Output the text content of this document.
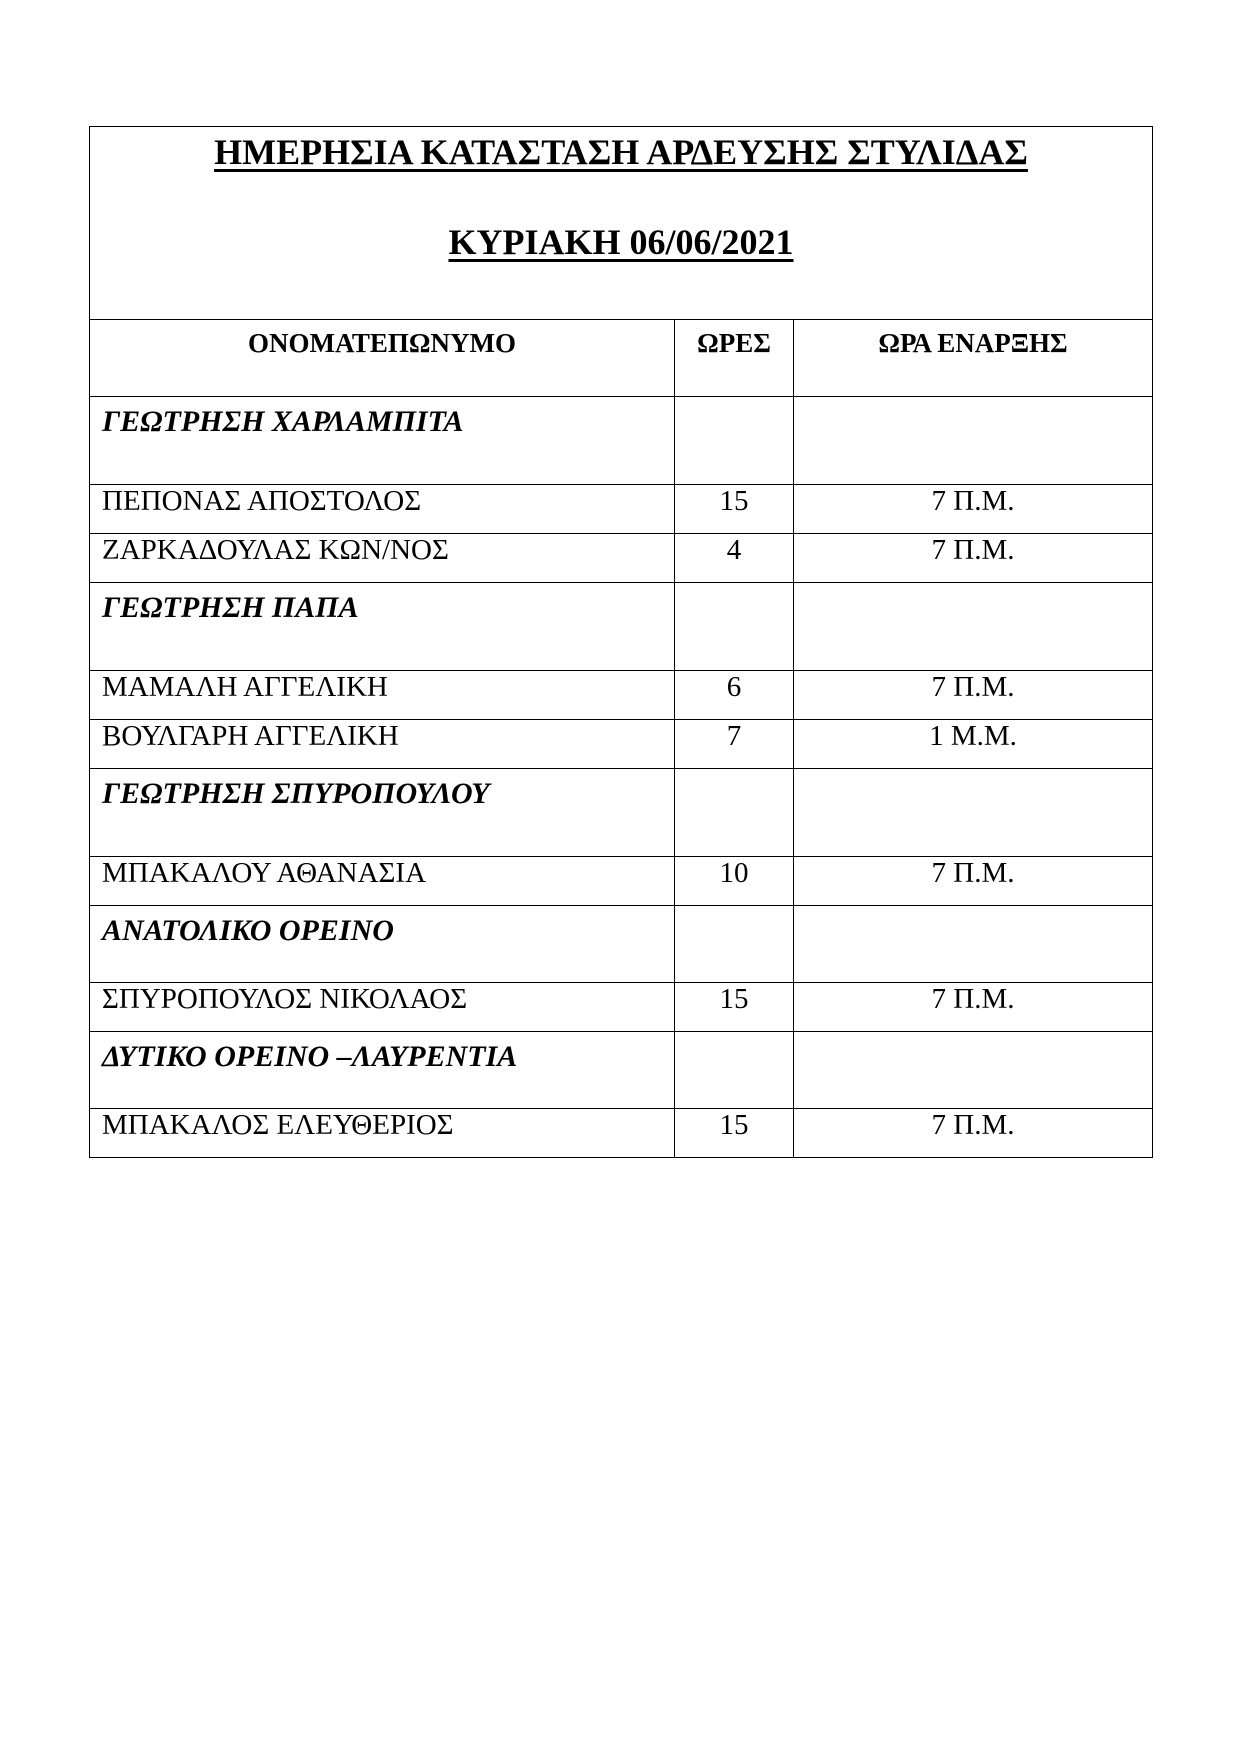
ΗΜΕΡΗΣΙΑ ΚΑΤΑΣΤΑΣΗ ΑΡΔΕΥΣΗΣ ΣΤΥΛΙΔΑΣ
ΚΥΡΙΑΚΗ 06/06/2021		
ΟΝΟΜΑΤΕΠΩΝΥΜΟ	ΩΡΕΣ	ΩΡΑ ΕΝΑΡΞΗΣ
ΓΕΩΤΡΗΣΗ ΧΑΡΛΑΜΠΙΤΑ		
ΠΕΠΟΝΑΣ ΑΠΟΣΤΟΛΟΣ	15	7 Π.Μ.
ΖΑΡΚΑΔΟΥΛΑΣ ΚΩΝ/ΝΟΣ	4	7 Π.Μ.
ΓΕΩΤΡΗΣΗ ΠΑΠΑ		
ΜΑΜΑΛΗ ΑΓΓΕΛΙΚΗ	6	7 Π.Μ.
ΒΟΥΛΓΑΡΗ ΑΓΓΕΛΙΚΗ	7	1 Μ.Μ.
ΓΕΩΤΡΗΣΗ ΣΠΥΡΟΠΟΥΛΟΥ		
ΜΠΑΚΑΛΟΥ ΑΘΑΝΑΣΙΑ	10	7 Π.Μ.
ΑΝΑΤΟΛΙΚΟ ΟΡΕΙΝΟ		
ΣΠΥΡΟΠΟΥΛΟΣ ΝΙΚΟΛΑΟΣ	15	7 Π.Μ.
ΔΥΤΙΚΟ ΟΡΕΙΝΟ –ΛΑΥΡΕΝΤΙΑ		
ΜΠΑΚΑΛΟΣ ΕΛΕΥΘΕΡΙΟΣ	15	7 Π.Μ.
